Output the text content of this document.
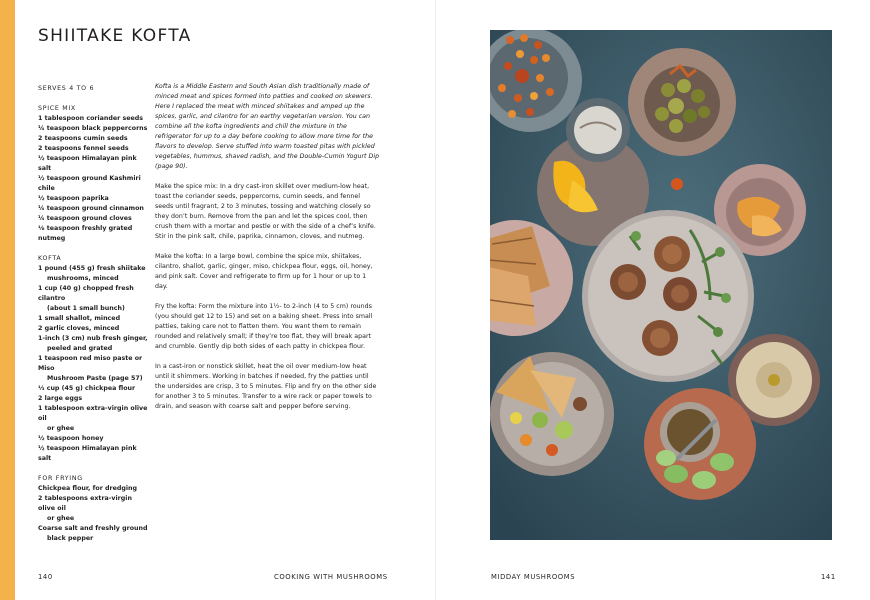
SHIITAKE KOFTA
SERVES 4 TO 6
SPICE MIX
1 tablespoon coriander seeds
¼ teaspoon black peppercorns
2 teaspoons cumin seeds
2 teaspoons fennel seeds
½ teaspoon Himalayan pink salt
½ teaspoon ground Kashmiri chile
½ teaspoon paprika
¼ teaspoon ground cinnamon
¼ teaspoon ground cloves
⅛ teaspoon freshly grated nutmeg
KOFTA
1 pound (455 g) fresh shiitake
mushrooms, minced
1 cup (40 g) chopped fresh cilantro
(about 1 small bunch)
1 small shallot, minced
2 garlic cloves, minced
1-inch (3 cm) nub fresh ginger,
peeled and grated
1 teaspoon red miso paste or Miso
Mushroom Paste (page 57)
⅓ cup (45 g) chickpea flour
2 large eggs
1 tablespoon extra-virgin olive oil
or ghee
½ teaspoon honey
½ teaspoon Himalayan pink salt
FOR FRYING
Chickpea flour, for dredging
2 tablespoons extra-virgin olive oil
or ghee
Coarse salt and freshly ground
black pepper

Kofta is a Middle Eastern and South Asian dish traditionally made of minced meat and spices formed into patties and cooked on skewers. Here I replaced the meat with minced shiitakes and amped up the spices, garlic, and cilantro for an earthy vegetarian version. You can combine all the kofta ingredients and chill the mixture in the refrigerator for up to a day before cooking to allow more time for the flavors to develop. Serve stuffed into warm toasted pitas with pickled vegetables, hummus, shaved radish, and the Double-Cumin Yogurt Dip (page 90).

Make the spice mix: In a dry cast-iron skillet over medium-low heat, toast the coriander seeds, peppercorns, cumin seeds, and fennel seeds until fragrant, 2 to 3 minutes, tossing and watching closely so they don’t burn. Remove from the pan and let the spices cool, then crush them with a mortar and pestle or with the side of a chef’s knife. Stir in the pink salt, chile, paprika, cinnamon, cloves, and nutmeg.

Make the kofta: In a large bowl, combine the spice mix, shiitakes, cilantro, shallot, garlic, ginger, miso, chickpea flour, eggs, oil, honey, and pink salt. Cover and refrigerate to firm up for 1 hour or up to 1 day.

Fry the kofta: Form the mixture into 1½- to 2-inch (4 to 5 cm) rounds (you should get 12 to 15) and set on a baking sheet. Press into small patties, taking care not to flatten them. You want them to remain rounded and relatively small; if they’re too flat, they will break apart and crumble. Gently dip both sides of each patty in chickpea flour.

In a cast-iron or nonstick skillet, heat the oil over medium-low heat until it shimmers. Working in batches if needed, fry the patties until the undersides are crisp, 3 to 5 minutes. Flip and fry on the other side for another 3 to 5 minutes. Transfer to a wire rack or paper towels to drain, and season with coarse salt and pepper before serving.

140	COOKING WITH MUSHROOMS	MIDDAY MUSHROOMS	141
